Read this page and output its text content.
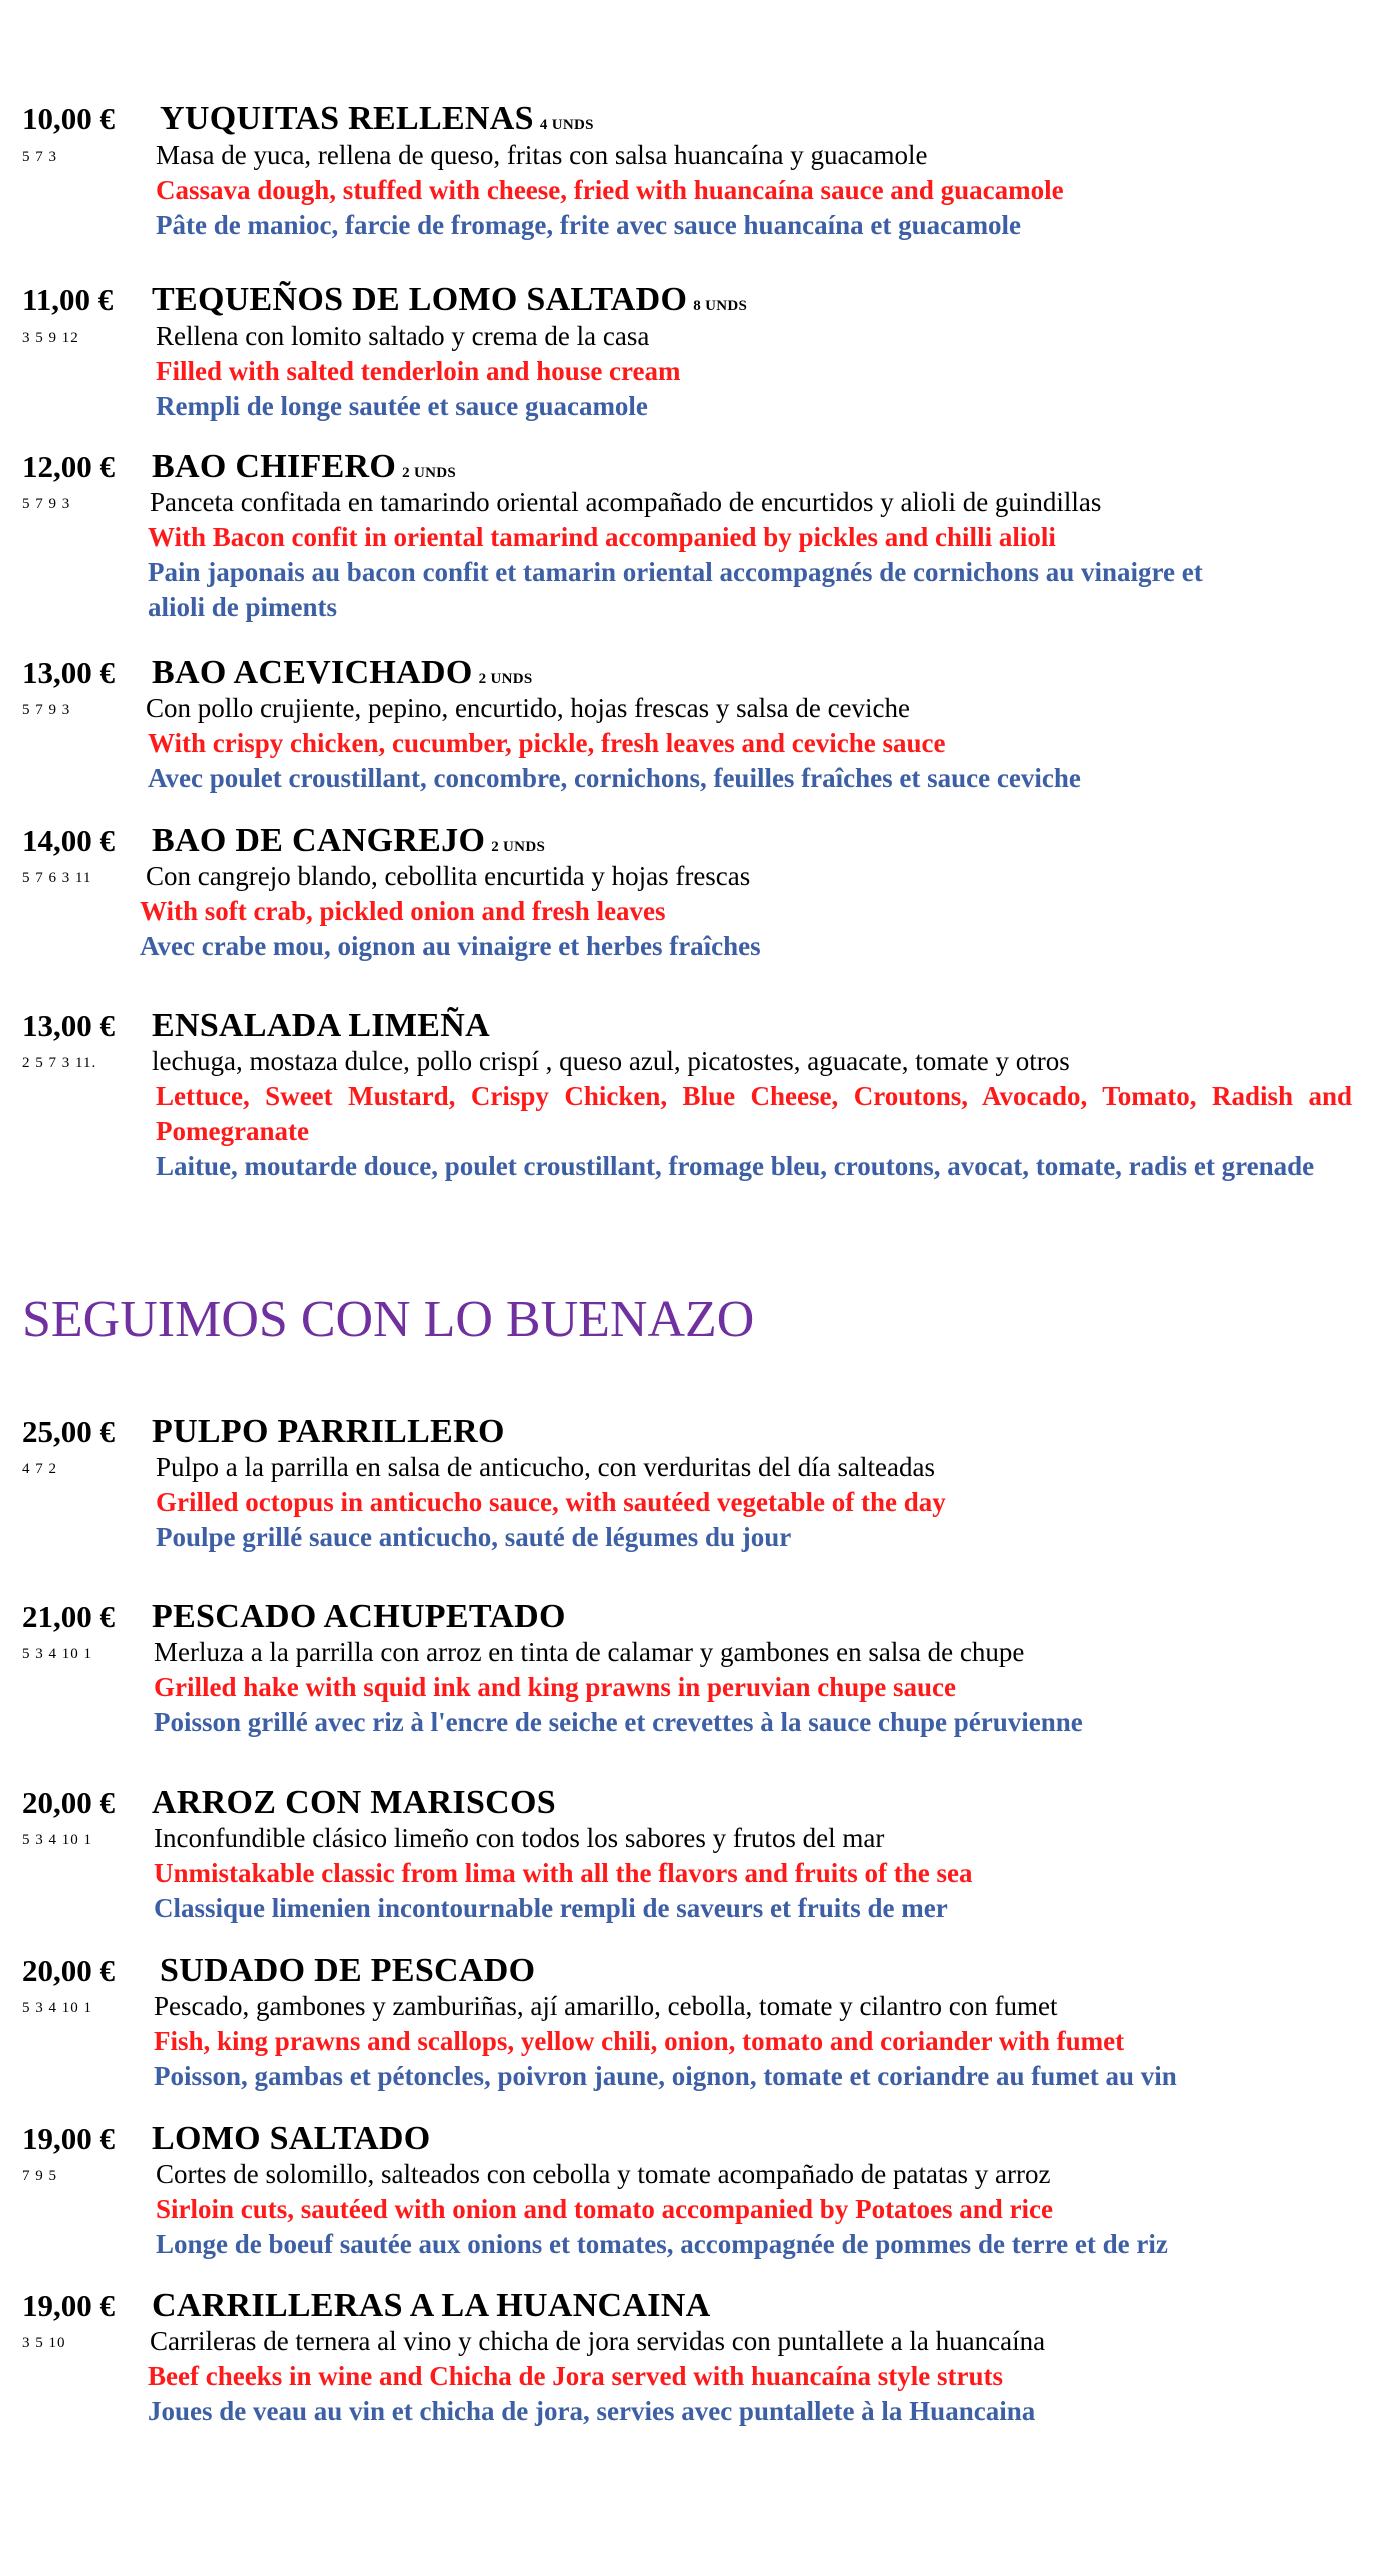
10,00 € YUQUITAS RELLENAS 4 UNDS
5 7 3	Masa de yuca, rellena de queso, fritas con salsa huancaína y guacamole
Cassava dough, stuffed with cheese, fried with huancaína sauce and guacamole
Pâte de manioc, farcie de fromage, frite avec sauce huancaína et guacamole
11,00 € TEQUEÑOS DE LOMO SALTADO 8 UNDS
3 5 9 12	Rellena con lomito saltado y crema de la casa
Filled with salted tenderloin and house cream
Rempli de longe sautée et sauce guacamole
12,00 € BAO CHIFERO 2 UNDS
5 7 9 3	Panceta confitada en tamarindo oriental acompañado de encurtidos y alioli de guindillas
With Bacon confit in oriental tamarind accompanied by pickles and chilli alioli
Pain japonais au bacon confit et tamarin oriental accompagnés de cornichons au vinaigre et alioli de piments
13,00 € BAO ACEVICHADO 2 UNDS
5 7 9 3	Con pollo crujiente, pepino, encurtido, hojas frescas y salsa de ceviche
With crispy chicken, cucumber, pickle, fresh leaves and ceviche sauce
Avec poulet croustillant, concombre, cornichons, feuilles fraîches et sauce ceviche
14,00 € BAO DE CANGREJO 2 UNDS
5 7 6 3 11 Con cangrejo blando, cebollita encurtida y hojas frescas
With soft crab, pickled onion and fresh leaves
Avec crabe mou, oignon au vinaigre et herbes fraîches
13,00 € ENSALADA LIMEÑA
2 5 7 3 11. lechuga, mostaza dulce, pollo crispí , queso azul, picatostes, aguacate, tomate y otros
Lettuce, Sweet Mustard, Crispy Chicken, Blue Cheese, Croutons, Avocado, Tomato, Radish and Pomegranate
Laitue, moutarde douce, poulet croustillant, fromage bleu, croutons, avocat, tomate, radis et grenade
SEGUIMOS CON LO BUENAZO
25,00 € PULPO PARRILLERO
4 7 2	Pulpo a la parrilla en salsa de anticucho, con verduritas del día salteadas
Grilled octopus in anticucho sauce, with sautéed vegetable of the day
Poulpe grillé sauce anticucho, sauté de légumes du jour
21,00 € PESCADO ACHUPETADO
5 3 4 10 1 Merluza a la parrilla con arroz en tinta de calamar y gambones en salsa de chupe
Grilled hake with squid ink and king prawns in peruvian chupe sauce
Poisson grillé avec riz à l'encre de seiche et crevettes à la sauce chupe péruvienne
20,00 € ARROZ CON MARISCOS
5 3 4 10 1 Inconfundible clásico limeño con todos los sabores y frutos del mar
Unmistakable classic from lima with all the flavors and fruits of the sea
Classique limenien incontournable rempli de saveurs et fruits de mer
20,00 € SUDADO DE PESCADO
5 3 4 10 1 Pescado, gambones y zamburiñas, ají amarillo, cebolla, tomate y cilantro con fumet
Fish, king prawns and scallops, yellow chili, onion, tomato and coriander with fumet
Poisson, gambas et pétoncles, poivron jaune, oignon, tomate et coriandre au fumet au vin
19,00 € LOMO SALTADO
7 9 5	Cortes de solomillo, salteados con cebolla y tomate acompañado de patatas y arroz
Sirloin cuts, sautéed with onion and tomato accompanied by Potatoes and rice
Longe de boeuf sautée aux onions et tomates, accompagnée de pommes de terre et de riz
19,00 € CARRILLERAS A LA HUANCAINA
3 5 10	Carrileras de ternera al vino y chicha de jora servidas con puntallete a la huancaína
Beef cheeks in wine and Chicha de Jora served with huancaína style struts
Joues de veau au vin et chicha de jora, servies avec puntallete à la Huancaina
